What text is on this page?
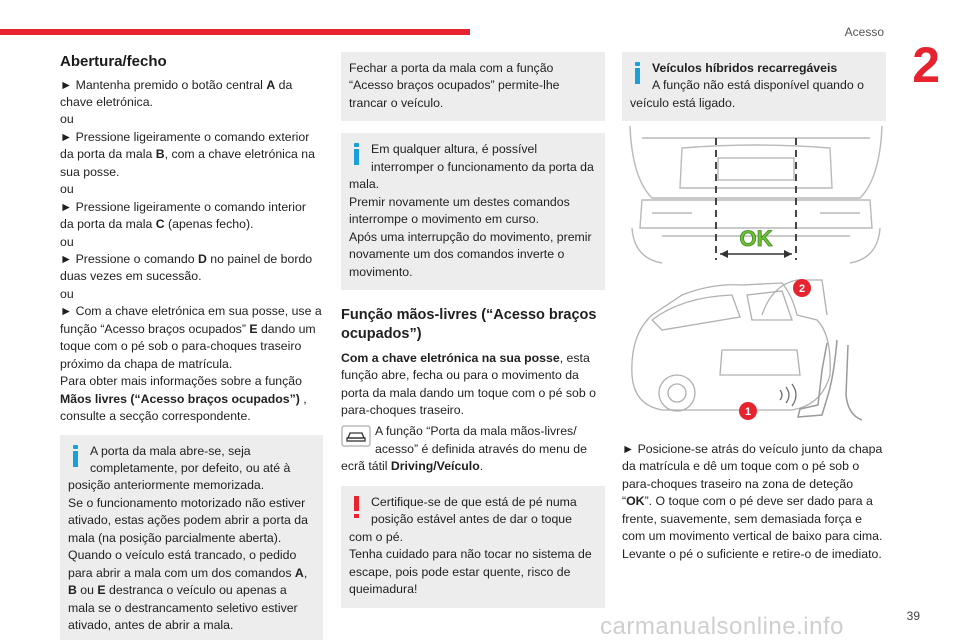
Acesso
2
Abertura/fecho

► Mantenha premido o botão central A da chave eletrónica.

ou

► Pressione ligeiramente o comando exterior da porta da mala B, com a chave eletrónica na sua posse.

ou

► Pressione ligeiramente o comando interior da porta da mala C (apenas fecho).

ou

► Pressione o comando D no painel de bordo duas vezes em sucessão.

ou

► Com a chave eletrónica em sua posse, use a função “Acesso braços ocupados” E dando um toque com o pé sob o para-choques traseiro próximo da chapa de matrícula.

Para obter mais informações sobre a função Mãos livres (“Acesso braços ocupados”) , consulte a secção correspondente.

A porta da mala abre-se, seja completamente, por defeito, ou até à posição anteriormente memorizada.

Se o funcionamento motorizado não estiver ativado, estas ações podem abrir a porta da mala (na posição parcialmente aberta).

Quando o veículo está trancado, o pedido para abrir a mala com um dos comandos A, B ou E destranca o veículo ou apenas a mala se o destrancamento seletivo estiver ativado, antes de abrir a mala.

Fechar a porta da mala com a função “Acesso braços ocupados” permite-lhe trancar o veículo.

Em qualquer altura, é possível interromper o funcionamento da porta da mala.

Premir novamente um destes comandos interrompe o movimento em curso.

Após uma interrupção do movimento, premir novamente um dos comandos inverte o movimento.

Função mãos-livres (“Acesso braços ocupados”)

Com a chave eletrónica na sua posse, esta função abre, fecha ou para o movimento da porta da mala dando um toque com o pé sob o para-choques traseiro.

A função “Porta da mala mãos-livres/ acesso” é definida através do menu de ecrã tátil Driving/Veículo.

Certifique-se de que está de pé numa posição estável antes de dar o toque com o pé.

Tenha cuidado para não tocar no sistema de escape, pois pode estar quente, risco de queimadura!

Veículos híbridos recarregáveis

A função não está disponível quando o veículo está ligado.

OK
2
1

► Posicione-se atrás do veículo junto da chapa da matrícula e dê um toque com o pé sob o para-choques traseiro na zona de deteção “OK”. O toque com o pé deve ser dado para a frente, suavemente, sem demasiada força e com um movimento vertical de baixo para cima. Levante o pé o suficiente e retire-o de imediato.

39
carmanualsonline.info
